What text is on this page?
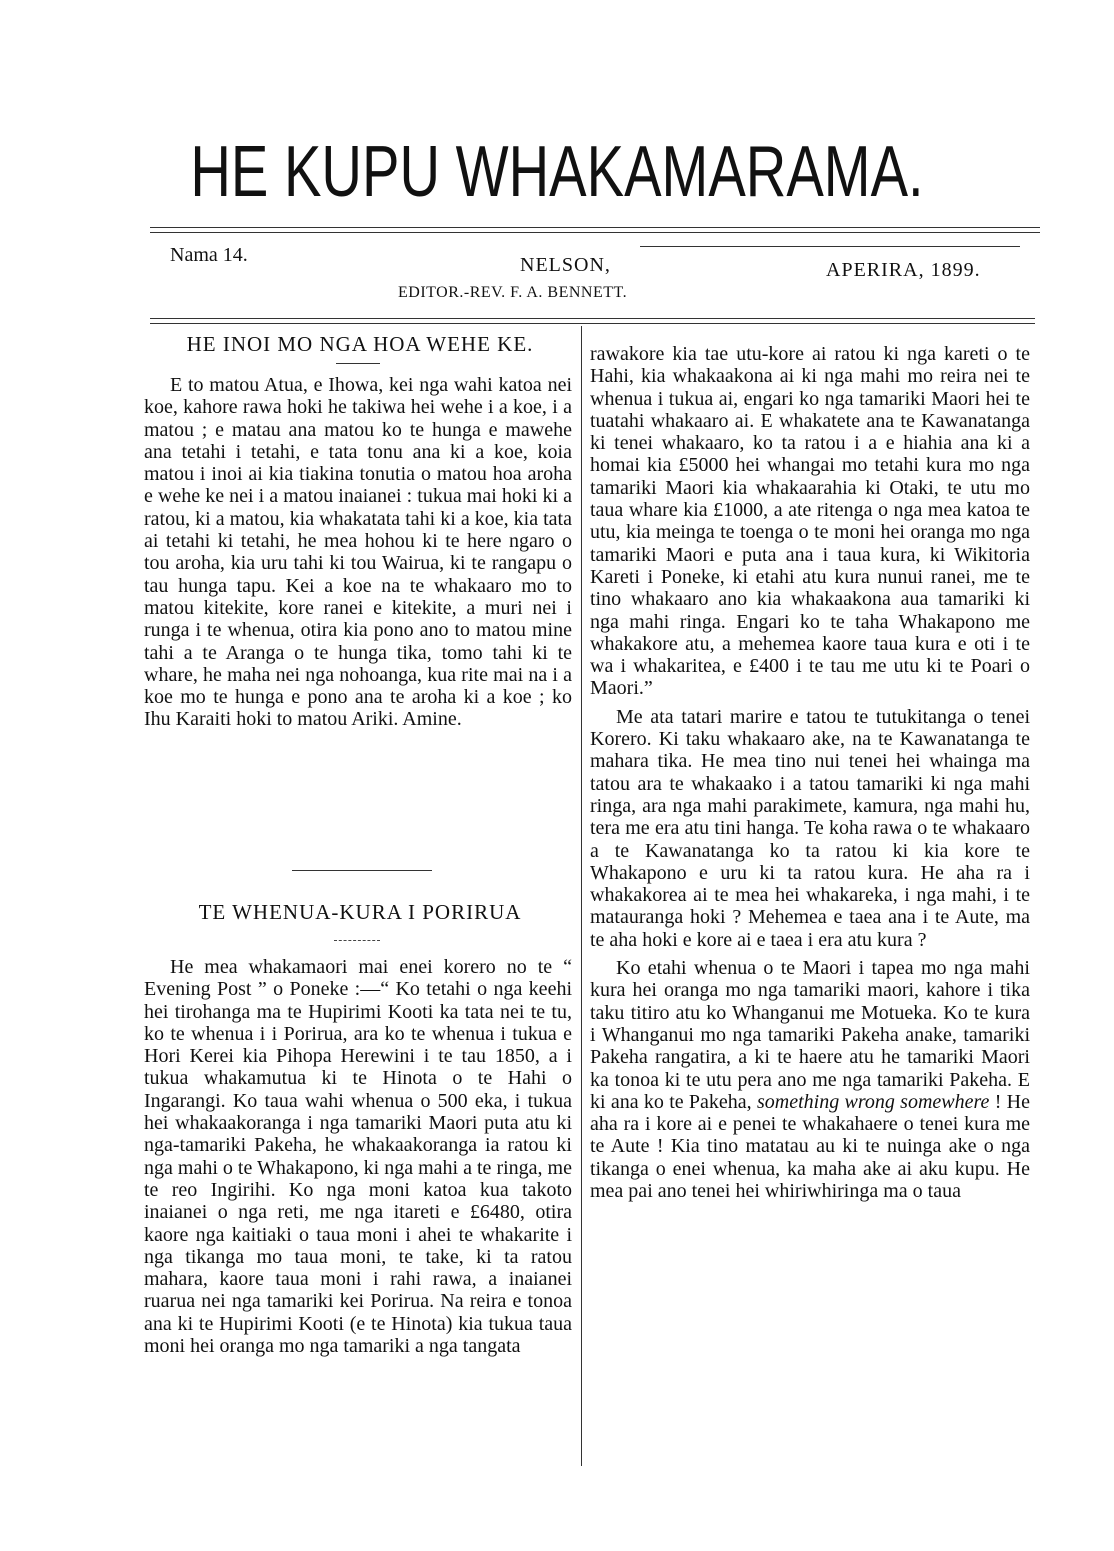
HE KUPU WHAKAMARAMA.
Nama 14.	NELSON,	APERIRA, 1899.
EDITOR.-REV. F. A. BENNETT.
HE INOI MO NGA HOA WEHE KE.

E to matou Atua, e Ihowa, kei nga wahi katoa nei koe, kahore rawa hoki he takiwa hei wehe i a koe, i a matou ; e matau ana matou ko te hunga e mawehe ana tetahi i tetahi, e tata tonu ana ki a koe, koia matou i inoi ai kia tiakina tonutia o matou hoa aroha e wehe ke nei i a matou inaianei : tukua mai hoki ki a ratou, ki a matou, kia whakatata tahi ki a koe, kia tata ai tetahi ki tetahi, he mea hohou ki te here ngaro o tou aroha, kia uru tahi ki tou Wairua, ki te rangapu o tau hunga tapu. Kei a koe na te whakaaro mo to matou kitekite, kore ranei e kitekite, a muri nei i runga i te whenua, otira kia pono ano to matou mine tahi a te Aranga o te hunga tika, tomo tahi ki te whare, he maha nei nga nohoanga, kua rite mai na i a koe mo te hunga e pono ana te aroha ki a koe ; ko Ihu Karaiti hoki to matou Ariki. Amine.

TE WHENUA-KURA I PORIRUA

He mea whakamaori mai enei korero no te “ Evening Post ” o Poneke :—“ Ko tetahi o nga keehi hei tirohanga ma te Hupirimi Kooti ka tata nei te tu, ko te whenua i i Porirua, ara ko te whenua i tukua e Hori Kerei kia Pihopa Herewini i te tau 1850, a i tukua whakamutua ki te Hinota o te Hahi o Ingarangi. Ko taua wahi whenua o 500 eka, i tukua hei whakaakoranga i nga tamariki Maori puta atu ki nga-tamariki Pakeha, he whakaakoranga ia ratou ki nga mahi o te Whakapono, ki nga mahi a te ringa, me te reo Ingirihi. Ko nga moni katoa kua takoto inaianei o nga reti, me nga itareti e £6480, otira kaore nga kaitiaki o taua moni i ahei te whakarite i nga tikanga mo taua moni, te take, ki ta ratou mahara, kaore taua moni i rahi rawa, a inaianei ruarua nei nga tamariki kei Porirua. Na reira e tonoa ana ki te Hupirimi Kooti (e te Hinota) kia tukua taua moni hei oranga mo nga tamariki a nga tangata

rawakore kia tae utu-kore ai ratou ki nga kareti o te Hahi, kia whakaakona ai ki nga mahi mo reira nei te whenua i tukua ai, engari ko nga tamariki Maori hei te tuatahi whakaaro ai. E whakatete ana te Kawanatanga ki tenei whakaaro, ko ta ratou i a e hiahia ana ki a homai kia £5000 hei whangai mo tetahi kura mo nga tamariki Maori kia whakaarahia ki Otaki, te utu mo taua whare kia £1000, a ate ritenga o nga mea katoa te utu, kia meinga te toenga o te moni hei oranga mo nga tamariki Maori e puta ana i taua kura, ki Wikitoria Kareti i Poneke, ki etahi atu kura nunui ranei, me te tino whakaaro ano kia whakaakona aua tamariki ki nga mahi ringa. Engari ko te taha Whakapono me whakakore atu, a mehemea kaore taua kura e oti i te wa i whakaritea, e £400 i te tau me utu ki te Poari o Maori.”

Me ata tatari marire e tatou te tutukitanga o tenei Korero. Ki taku whakaaro ake, na te Kawanatanga te mahara tika. He mea tino nui tenei hei whainga ma tatou ara te whakaako i a tatou tamariki ki nga mahi ringa, ara nga mahi parakimete, kamura, nga mahi hu, tera me era atu tini hanga. Te koha rawa o te whakaaro a te Kawanatanga ko ta ratou ki kia kore te Whakapono e uru ki ta ratou kura. He aha ra i whakakorea ai te mea hei whakareka, i nga mahi, i te matauranga hoki ? Mehemea e taea ana i te Aute, ma te aha hoki e kore ai e taea i era atu kura ?

Ko etahi whenua o te Maori i tapea mo nga mahi kura hei oranga mo nga tamariki maori, kahore i tika taku titiro atu ko Whanganui me Motueka. Ko te kura i Whanganui mo nga tamariki Pakeha anake, tamariki Pakeha rangatira, a ki te haere atu he tamariki Maori ka tonoa ki te utu pera ano me nga tamariki Pakeha. E ki ana ko te Pakeha, something wrong somewhere ! He aha ra i kore ai e penei te whakahaere o tenei kura me te Aute ! Kia tino matatau au ki te nuinga ake o nga tikanga o enei whenua, ka maha ake ai aku kupu. He mea pai ano tenei hei whiriwhiringa ma o taua
